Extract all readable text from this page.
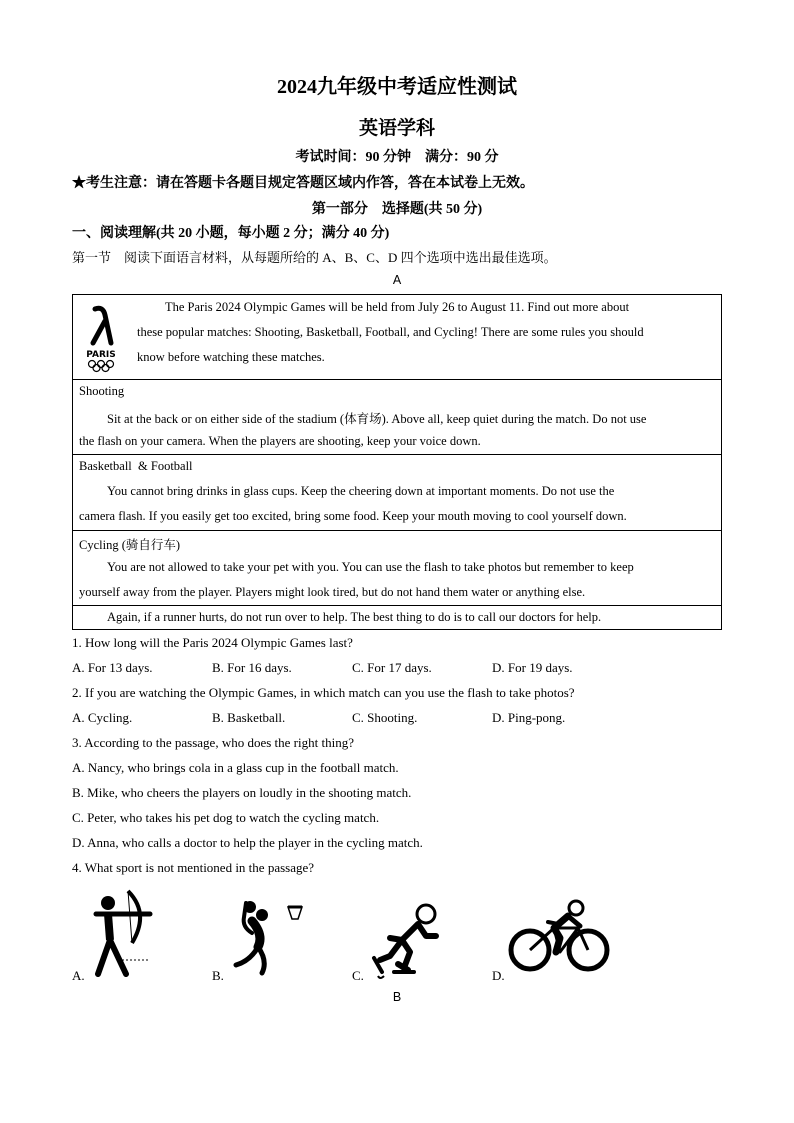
2024九年级中考适应性测试
英语学科
考试时间：90 分钟    满分：90 分
★考生注意：请在答题卡各题目规定答题区域内作答，答在本试卷上无效。
第一部分    选择题(共 50 分)
一、阅读理解(共 20 小题，每小题 2 分；满分 40 分)
第一节    阅读下面语言材料，从每题所给的 A、B、C、D 四个选项中选出最佳选项。
A
PARIS
The Paris 2024 Olympic Games will be held from July 26 to August 11. Find out more about
these popular matches: Shooting, Basketball, Football, and Cycling! There are some rules you should
know before watching these matches.
Shooting
Sit at the back or on either side of the stadium (体育场). Above all, keep quiet during the match. Do not use
the flash on your camera. When the players are shooting, keep your voice down.
Basketball  & Football
You cannot bring drinks in glass cups. Keep the cheering down at important moments. Do not use the
camera flash. If you easily get too excited, bring some food. Keep your mouth moving to cool yourself down.
Cycling (骑自行车)
You are not allowed to take your pet with you. You can use the flash to take photos but remember to keep
yourself away from the player. Players might look tired, but do not hand them water or anything else.
Again, if a runner hurts, do not run over to help. The best thing to do is to call our doctors for help.
1. How long will the Paris 2024 Olympic Games last?
A. For 13 days.	B. For 16 days.	C. For 17 days.	D. For 19 days.
2. If you are watching the Olympic Games, in which match can you use the flash to take photos?
A. Cycling.	B. Basketball.	C. Shooting.	D. Ping-pong.
3. According to the passage, who does the right thing?
A. Nancy, who brings cola in a glass cup in the football match.
B. Mike, who cheers the players on loudly in the shooting match.
C. Peter, who takes his pet dog to watch the cycling match.
D. Anna, who calls a doctor to help the player in the cycling match.
4. What sport is not mentioned in the passage?
A.	B.	C.	D.
B
